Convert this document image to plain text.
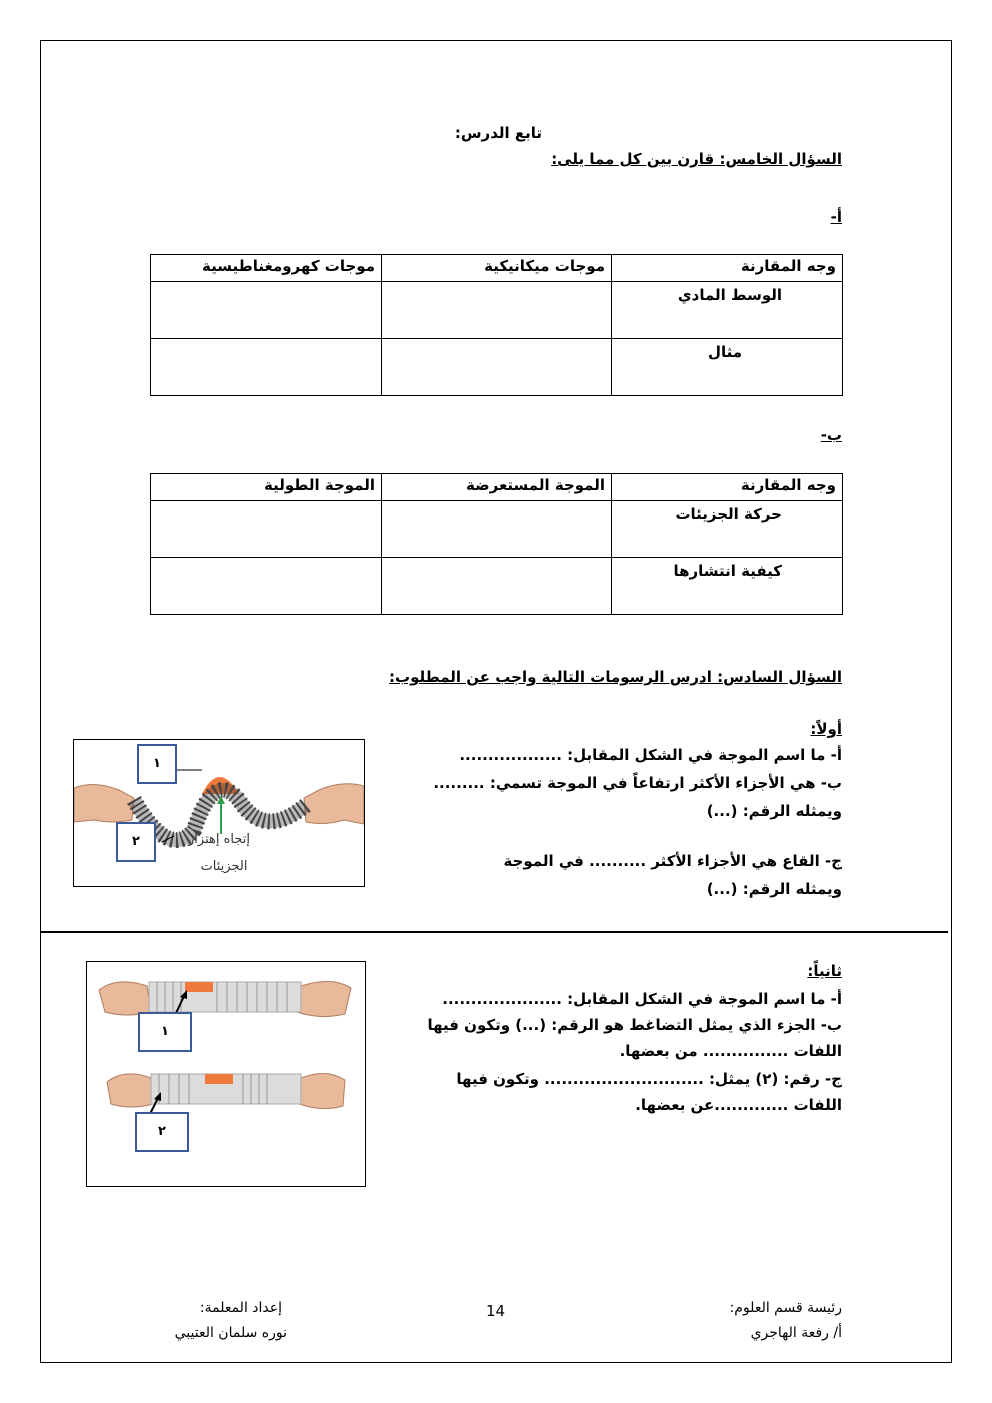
تابع الدرس:
السؤال الخامس: قارن بين كل مما يلى:
أ-
وجه المقارنة	موجات ميكانيكية	موجات كهرومغناطيسية
الوسط المادي		
مثال		
ب-
وجه المقارنة	الموجة المستعرضة	الموجة الطولية
حركة الجزيئات		
كيفية انتشارها		
السؤال السادس: ادرس الرسومات التالية واجب عن المطلوب:
أولاً:
أ- ما اسم الموجة في الشكل المقابل: ..................
ب- هي الأجزاء الأكثر ارتفاعاً في الموجة تسمي: .........
ويمثله الرقم: (...)
ج- القاع هي الأجزاء الأكثر .......... في الموجة
ويمثله الرقم: (...)
إتجاه إهتزاز
الجزيئات
١
٢
ثانياً:
أ- ما اسم الموجة في الشكل المقابل: .....................
ب- الجزء الذي يمثل التضاغط هو الرقم: (...) وتكون فيها
اللفات ............... من بعضها.
ج- رقم: (٢) يمثل: ............................ وتكون فيها
اللفات .............عن بعضها.
١
٢
رئيسة قسم العلوم:
أ/ رفعة الهاجري
14
إعداد المعلمة:
نوره سلمان العتيبي
